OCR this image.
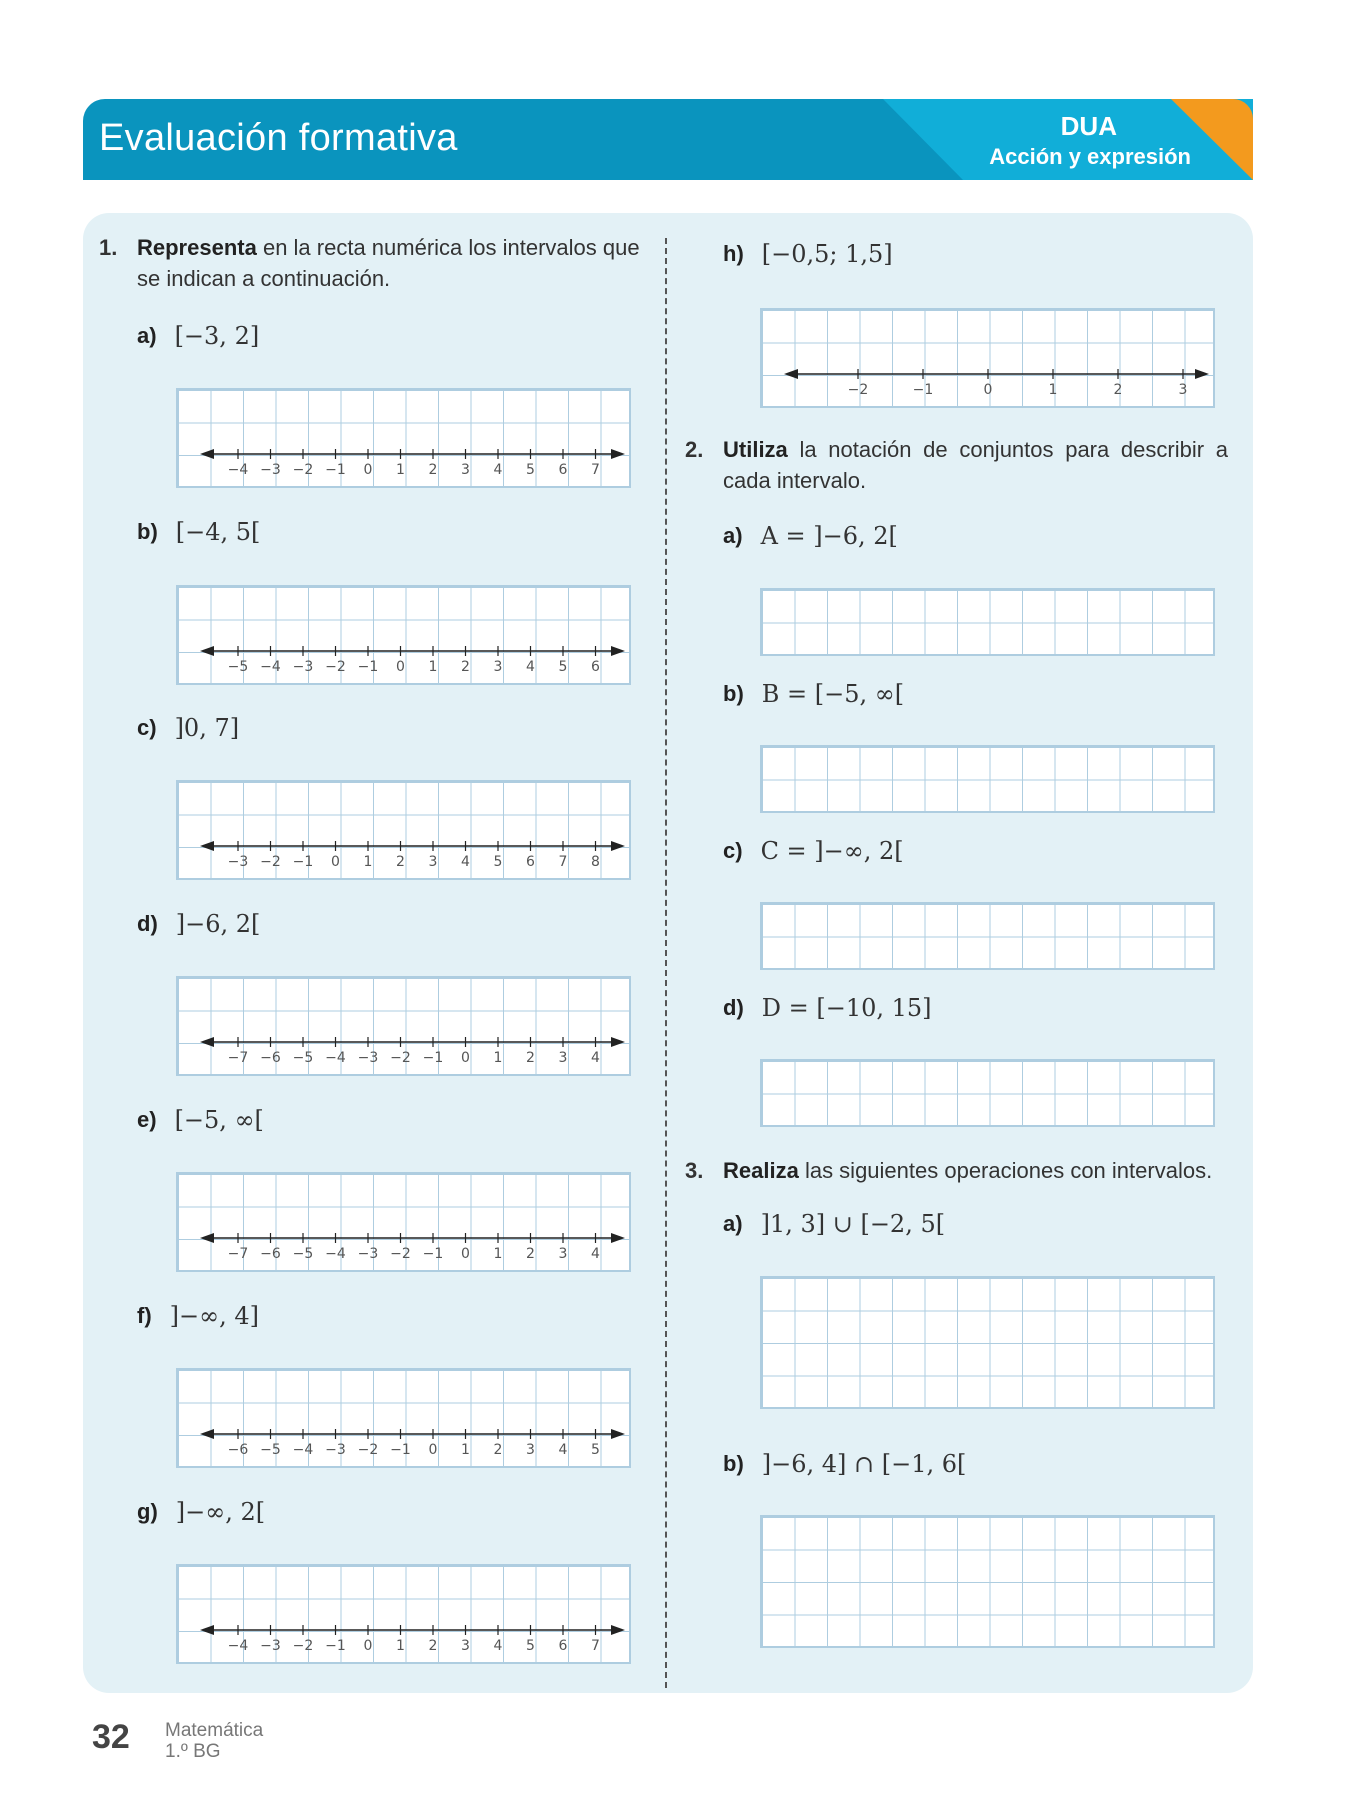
Evaluación formativa	DUA
Acción y expresión
1. Representa en la recta numérica los intervalos que se indican a continuación.
a) [−3, 2]
−4 −3 −2 −1 0 1 2 3 4 5 6 7
b) [−4, 5[
−5 −4 −3 −2 −1 0 1 2 3 4 5 6
c) ]0, 7]
−3 −2 −1 0 1 2 3 4 5 6 7 8
d) ]−6, 2[
−7 −6 −5 −4 −3 −2 −1 0 1 2 3 4
e) [−5, ∞[
−7 −6 −5 −4 −3 −2 −1 0 1 2 3 4
f) ]−∞, 4]
−6 −5 −4 −3 −2 −1 0 1 2 3 4 5
g) ]−∞, 2[
−4 −3 −2 −1 0 1 2 3 4 5 6 7
h) [−0,5; 1,5]
−2	−1	0	1	2	3
2. Utiliza la notación de conjuntos para describir a cada intervalo.
a) A = ]−6, 2[
b) B = [−5, ∞[
c) C = ]−∞, 2[
d) D = [−10, 15]
3. Realiza las siguientes operaciones con intervalos.
a) ]1, 3] ∪ [−2, 5[
b) ]−6, 4] ∩ [−1, 6[
32 Matemática
1.º BG
